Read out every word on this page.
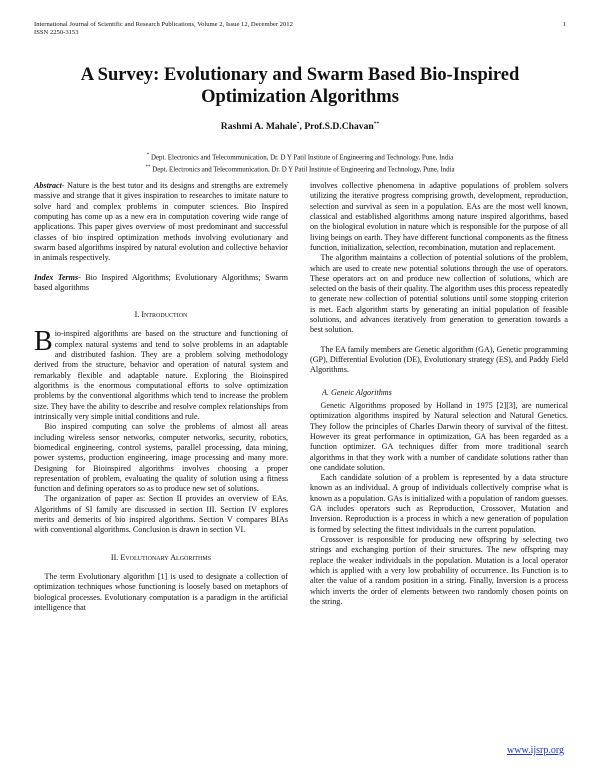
International Journal of Scientific and Research Publications, Volume 2, Issue 12, December 2012
ISSN 2250-3153
1
A Survey: Evolutionary and Swarm Based Bio-Inspired
Optimization Algorithms
Rashmi A. Mahale*, Prof.S.D.Chavan**
* Dept. Electronics and Telecommunication, Dr. D Y Patil Institute of Engineering and Technology, Pune, India
** Dept. Electronics and Telecommunication, Dr. D Y Patil Institute of Engineering and Technology, Pune, India

Abstract- Nature is the best tutor and its designs and strengths are extremely massive and strange that it gives inspiration to researches to imitate nature to solve hard and complex problems in computer sciences. Bio Inspired computing has come up as a new era in computation covering wide range of applications. This paper gives overview of most predominant and successful classes of bio inspired optimization methods involving evolutionary and swarm based algorithms inspired by natural evolution and collective behavior in animals respectively.

Index Terms- Bio Inspired Algorithms; Evolutionary Algorithms; Swarm based algorithms

I. Introduction

Bio-inspired algorithms are based on the structure and functioning of complex natural systems and tend to solve problems in an adaptable and distributed fashion. They are a problem solving methodology derived from the structure, behavior and operation of natural system and remarkably flexible and adaptable nature. Exploring the Bioinspired algorithms is the enormous computational efforts to solve optimization problems by the conventional algorithms which tend to increase the problem size. They have the ability to describe and resolve complex relationships from intrinsically very simple initial conditions and rule.

Bio inspired computing can solve the problems of almost all areas including wireless sensor networks, computer networks, security, robotics, biomedical engineering, control systems, parallel processing, data mining, power systems, production engineering, image processing and many more. Designing for Bioinspired algorithms involves choosing a proper representation of problem, evaluating the quality of solution using a fitness function and defining operators so as to produce new set of solutions.

The organization of paper as: Section II provides an overview of EAs. Algorithms of SI family are discussed in section III. Section IV explores merits and demerits of bio inspired algorithms. Section V compares BIAs with conventional algorithms. Conclusion is drawn in section VI.

II. Evolutionary Algorithms

The term Evolutionary algorithm [1] is used to designate a collection of optimization techniques whose functioning is loosely based on metaphors of biological processes. Evolutionary computation is a paradigm in the artificial intelligence that

involves collective phenomena in adaptive populations of problem solvers utilizing the iterative progress comprising growth, development, reproduction, selection and survival as seen in a population. EAs are the most well known, classical and established algorithms among nature inspired algorithms, based on the biological evolution in nature which is responsible for the purpose of all living beings on earth. They have different functional components as the fitness function, initialization, selection, recombination, mutation and replacement.

The algorithm maintains a collection of potential solutions of the problem, which are used to create new potential solutions through the use of operators. These operators act on and produce new collection of solutions, which are selected on the basis of their quality. The algorithm uses this process repeatedly to generate new collection of potential solutions until some stopping criterion is met. Each algorithm starts by generating an initial population of feasible solutions, and advances iteratively from generation to generation towards a best solution.

The EA family members are Genetic algorithm (GA), Genetic programming (GP), Differential Evolution (DE), Evolutionary strategy (ES), and Paddy Field Algorithms.

A. Geneic Algorithms

Genetic Algorithms proposed by Holland in 1975 [2][3], are numerical optimization algorithms inspired by Natural selection and Natural Genetics. They follow the principles of Charles Darwin theory of survival of the fittest. However its great performance in optimization, GA has been regarded as a function optimizer. GA techniques differ from more traditional search algorithms in that they work with a number of candidate solutions rather than one candidate solution.

Each candidate solution of a problem is represented by a data structure known as an individual. A group of individuals collectively comprise what is known as a population. GAs is initialized with a population of random guesses. GA includes operators such as Reproduction, Crossover, Mutation and Inversion. Reproduction is a process in which a new generation of population is formed by selecting the fittest individuals in the current population.

Crossover is responsible for producing new offspring by selecting two strings and exchanging portion of their structures. The new offspring may replace the weaker individuals in the population. Mutation is a local operator which is applied with a very low probability of occurrence. Its Function is to alter the value of a random position in a string. Finally, Inversion is a process which inverts the order of elements between two randomly chosen points on the string.

www.ijsrp.org
